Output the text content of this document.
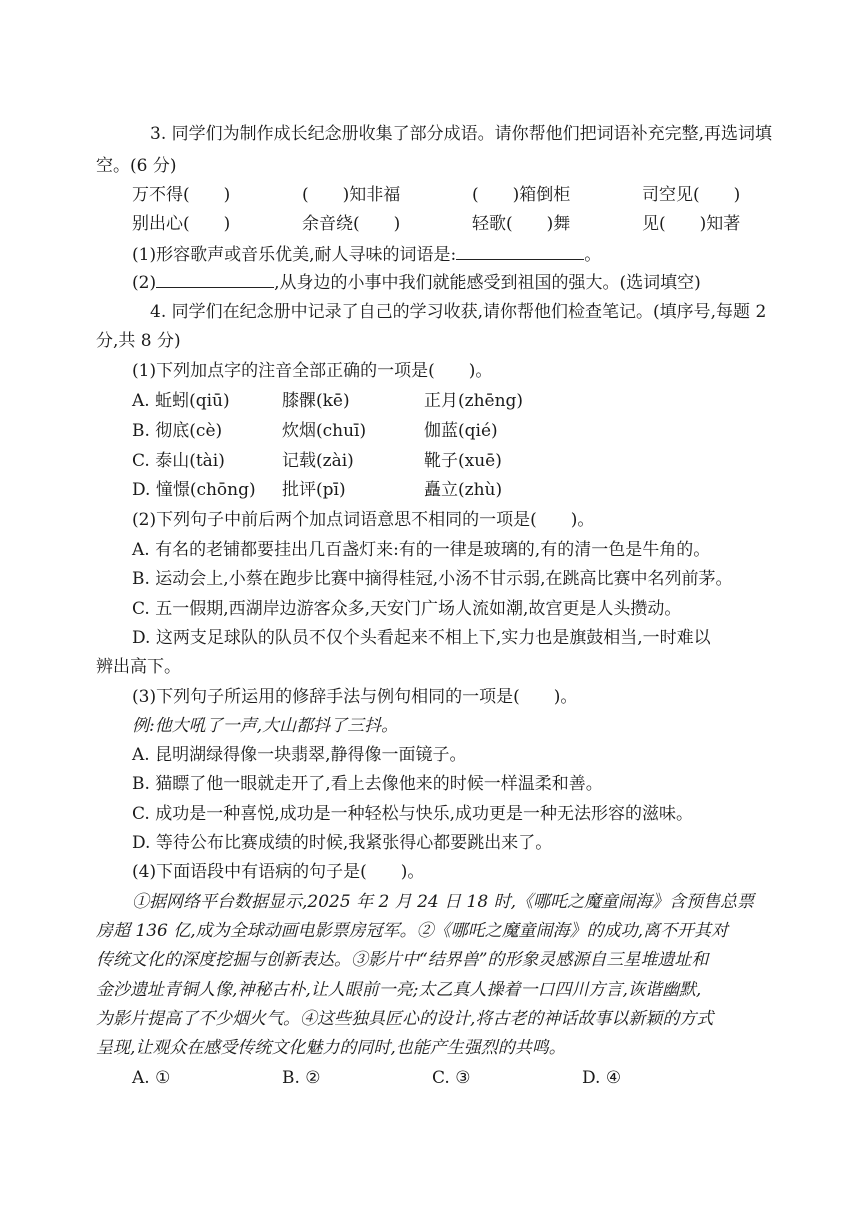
3. 同学们为制作成长纪念册收集了部分成语。请你帮他们把词语补充完整,再选词填
空。(6 分)
万不得(　　)	(　　)知非福	(　　)箱倒柜	司空见(　　)
别出心(　　)	余音绕(　　)	轻歌(　　)舞	见(　　)知著
(1)形容歌声或音乐优美,耐人寻味的词语是:	。
(2)	,从身边的小事中我们就能感受到祖国的强大。(选词填空)
4. 同学们在纪念册中记录了自己的学习收获,请你帮他们检查笔记。(填序号,每题 2
分,共 8 分)
(1)下列加点字的注音全部正确的一项是(　　)。
A. 蚯蚓(qiū)	膝髁(kē)	正月(zhēng)
B. 彻底(cè)	炊烟(chuī)	伽蓝(qié)
C. 泰山(tài)	记载(zài)	靴子(xuē)
D. 憧憬(chōng) 批评(pī)	矗立(zhù)
(2)下列句子中前后两个加点词语意思不相同的一项是(　　)。
A. 有名的老铺都要挂出几百盏灯来:有的一律是玻璃的,有的清一色是牛角的。
B. 运动会上,小蔡在跑步比赛中摘得桂冠,小汤不甘示弱,在跳高比赛中名列前茅。
C. 五一假期,西湖岸边游客众多,天安门广场人流如潮,故宫更是人头攒动。
D. 这两支足球队的队员不仅个头看起来不相上下,实力也是旗鼓相当,一时难以
辨出高下。
(3)下列句子所运用的修辞手法与例句相同的一项是(　　)。
例:他大吼了一声,大山都抖了三抖。
A. 昆明湖绿得像一块翡翠,静得像一面镜子。
B. 猫瞟了他一眼就走开了,看上去像他来的时候一样温柔和善。
C. 成功是一种喜悦,成功是一种轻松与快乐,成功更是一种无法形容的滋味。
D. 等待公布比赛成绩的时候,我紧张得心都要跳出来了。
(4)下面语段中有语病的句子是(　　)。
①据网络平台数据显示,2025 年 2 月 24 日 18 时,《哪吒之魔童闹海》含预售总票
房超 136 亿,成为全球动画电影票房冠军。②《哪吒之魔童闹海》的成功,离不开其对
传统文化的深度挖掘与创新表达。③影片中“结界兽”的形象灵感源自三星堆遗址和
金沙遗址青铜人像,神秘古朴,让人眼前一亮;太乙真人操着一口四川方言,诙谐幽默,
为影片提高了不少烟火气。④这些独具匠心的设计,将古老的神话故事以新颖的方式
呈现,让观众在感受传统文化魅力的同时,也能产生强烈的共鸣。
A. ①	B. ②	C. ③	D. ④
